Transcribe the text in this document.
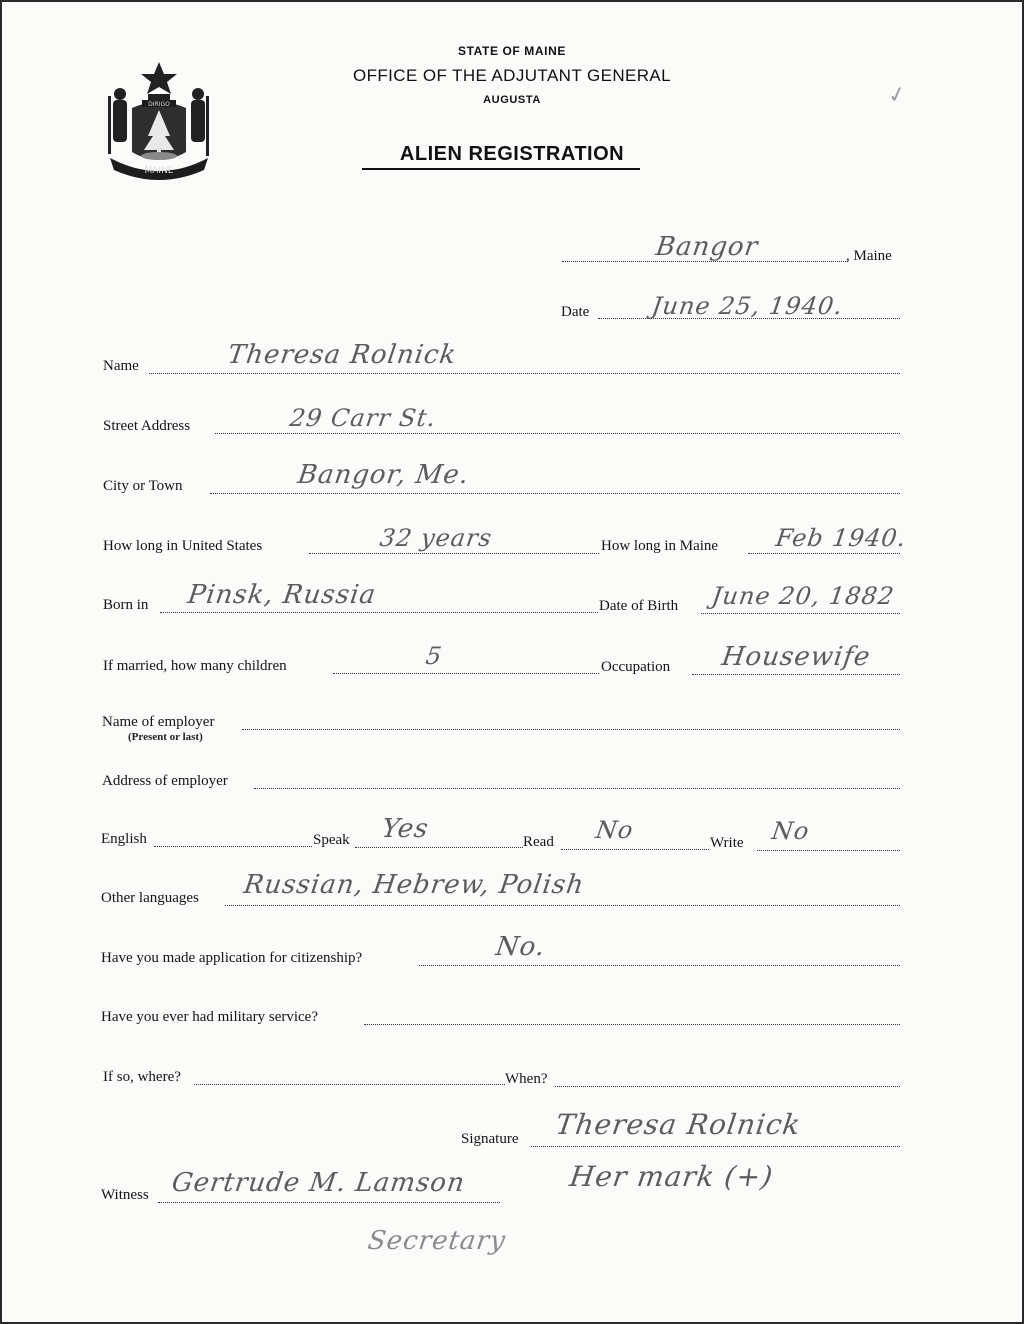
MAINE
DIRIGO
STATE OF MAINE
OFFICE OF THE ADJUTANT GENERAL
AUGUSTA
ALIEN REGISTRATION
✓
Bangor	, Maine
Date	June 25, 1940.
Name	Theresa Rolnick
Street Address	29 Carr St.
City or Town	Bangor, Me.
How long in United States	32 years	How long in Maine Feb 1940.
Born in Pinsk, Russia	Date of Birth June 20, 1882
If married, how many children	5	Occupation Housewife
Name of employer
(Present or last)
Address of employer
English	Speak Yes	Read No	Write No
Other languages Russian, Hebrew, Polish
Have you made application for citizenship?	No.
Have you ever had military service?
If so, where?	When?
Signature Theresa Rolnick
Her mark (+)
Witness Gertrude M. Lamson
Secretary
